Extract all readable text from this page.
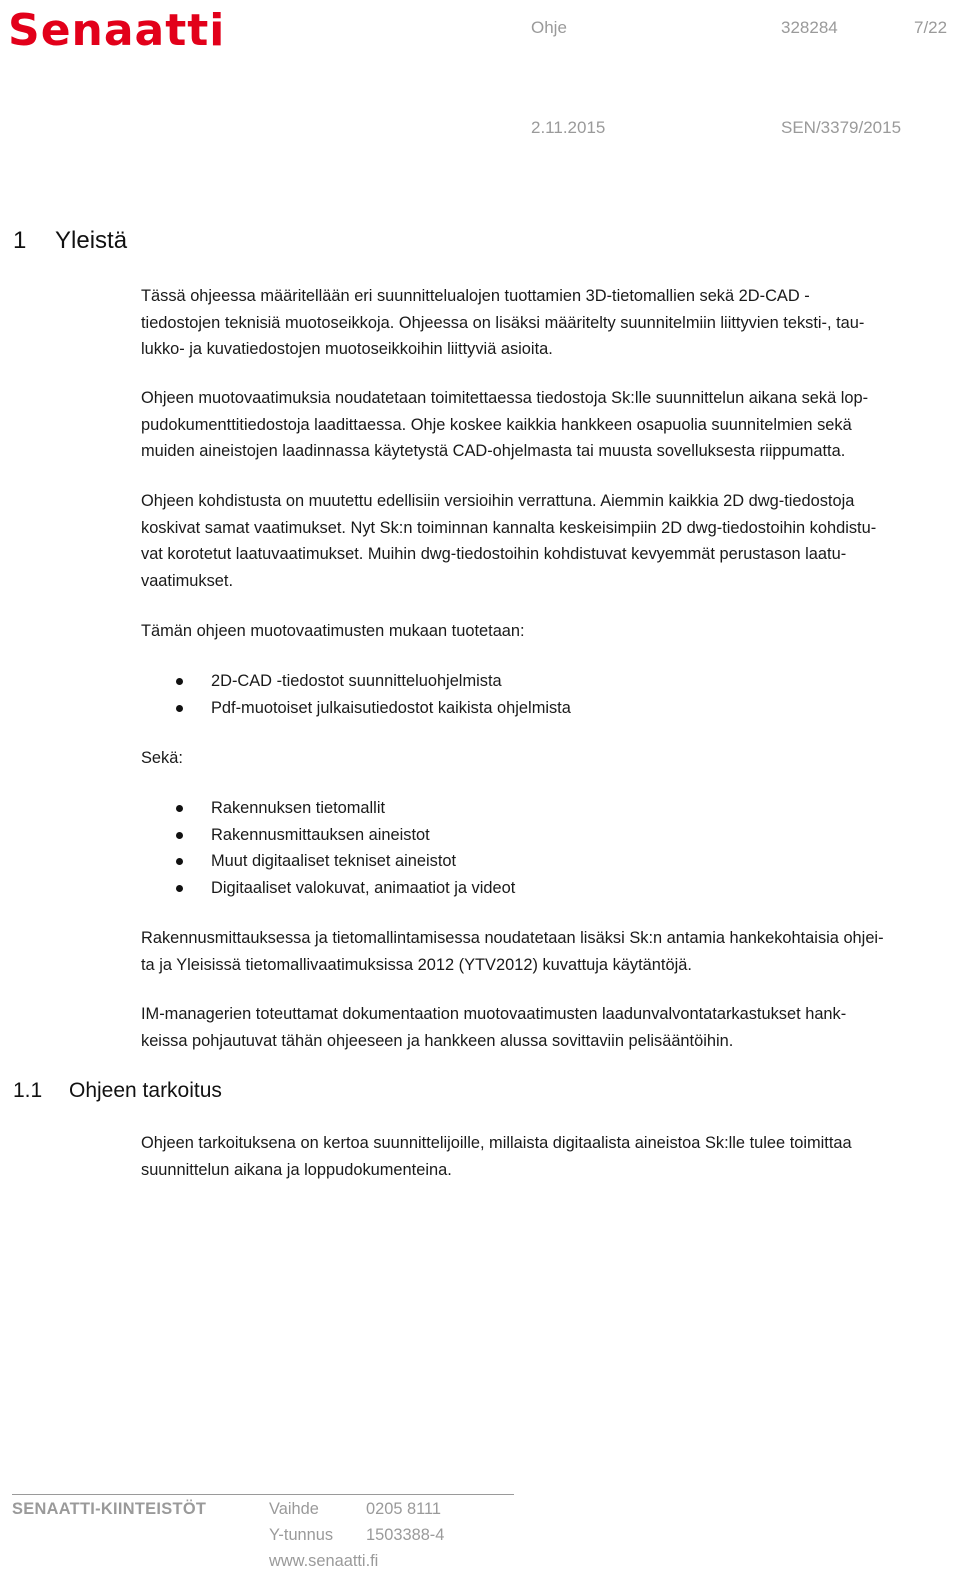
Senaatti	Ohje	328284	7/22
2.11.2015	SEN/3379/2015
1 Yleistä
Tässä ohjeessa määritellään eri suunnittelualojen tuottamien 3D-tietomallien sekä 2D-CAD -
tiedostojen teknisiä muotoseikkoja. Ohjeessa on lisäksi määritelty suunnitelmiin liittyvien teksti-, tau-
lukko- ja kuvatiedostojen muotoseikkoihin liittyviä asioita.
Ohjeen muotovaatimuksia noudatetaan toimitettaessa tiedostoja Sk:lle suunnittelun aikana sekä lop-
pudokumenttitiedostoja laadittaessa. Ohje koskee kaikkia hankkeen osapuolia suunnitelmien sekä
muiden aineistojen laadinnassa käytetystä CAD-ohjelmasta tai muusta sovelluksesta riippumatta.
Ohjeen kohdistusta on muutettu edellisiin versioihin verrattuna. Aiemmin kaikkia 2D dwg-tiedostoja
koskivat samat vaatimukset. Nyt Sk:n toiminnan kannalta keskeisimpiin 2D dwg-tiedostoihin kohdistu-
vat korotetut laatuvaatimukset. Muihin dwg-tiedostoihin kohdistuvat kevyemmät perustason laatu-
vaatimukset.
Tämän ohjeen muotovaatimusten mukaan tuotetaan:
2D-CAD -tiedostot suunnitteluohjelmista
Pdf-muotoiset julkaisutiedostot kaikista ohjelmista
Sekä:
Rakennuksen tietomallit
Rakennusmittauksen aineistot
Muut digitaaliset tekniset aineistot
Digitaaliset valokuvat, animaatiot ja videot
Rakennusmittauksessa ja tietomallintamisessa noudatetaan lisäksi Sk:n antamia hankekohtaisia ohjei-
ta ja Yleisissä tietomallivaatimuksissa 2012 (YTV2012) kuvattuja käytäntöjä.
IM-managerien toteuttamat dokumentaation muotovaatimusten laadunvalvontatarkastukset hank-
keissa pohjautuvat tähän ohjeeseen ja hankkeen alussa sovittaviin pelisääntöihin.
1.1 Ohjeen tarkoitus
Ohjeen tarkoituksena on kertoa suunnittelijoille, millaista digitaalista aineistoa Sk:lle tulee toimittaa
suunnittelun aikana ja loppudokumenteina.
SENAATTI-KIINTEISTÖT	Vaihde	0205 8111
Y-tunnus 1503388-4
www.senaatti.fi
